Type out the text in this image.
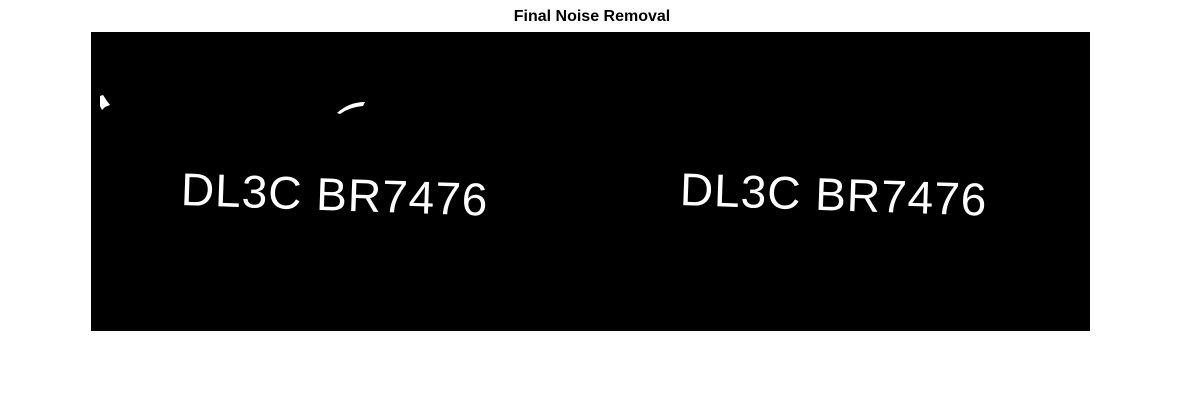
Final Noise Removal
DL3C BR7476	DL3C BR7476
